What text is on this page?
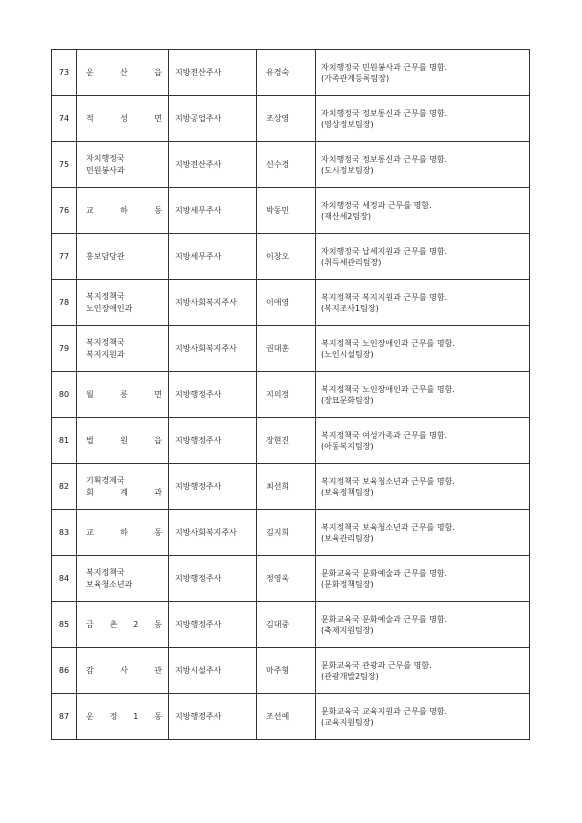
73	운 산 읍	지방전산주사	유경숙	자치행정국 민원봉사과 근무를 명함.
(가족관계등록팀장)

74	적 성 면	지방공업주사	조상영	자치행정국 정보통신과 근무를 명함.
(영상정보팀장)

75	자치행정국
민원봉사과	지방전산주사	신수경	자치행정국 정보통신과 근무를 명함.
(도시정보팀장)

76	교 하 동	지방세무주사	박동민	자치행정국 세정과 근무를 명함.
(재산세2팀장)

77	홍보담당관	지방세무주사	이창오	자치행정국 납세지원과 근무를 명함.
(취득세관리팀장)

78	복지정책국
노인장애인과	지방사회복지주사	이애영	복지정책국 복지지원과 근무를 명함.
(복지조사1팀장)

79	복지정책국
복지지원과	지방사회복지주사	권대훈	복지정책국 노인장애인과 근무를 명함.
(노인시설팀장)

80	월 롱 면	지방행정주사	지의정	복지정책국 노인장애인과 근무를 명함.
(장묘문화팀장)

81	법 원 읍	지방행정주사	장현진	복지정책국 여성가족과 근무를 명함.
(아동복지팀장)

82	기획경제국
회 계 과	지방행정주사	최선희	복지정책국 보육청소년과 근무를 명함.
(보육정책팀장)

83	교 하 동	지방사회복지주사	김지희	복지정책국 보육청소년과 근무를 명함.
(보육관리팀장)

84	복지정책국
보육청소년과	지방행정주사	정영욱	문화교육국 문화예술과 근무를 명함.
(문화정책팀장)

85	금 촌 2 동	지방행정주사	김대중	문화교육국 문화예술과 근무를 명함.
(축제지원팀장)

86	감 사 관	지방시설주사	마주형	문화교육국 관광과 근무를 명함.
(관광개발2팀장)

87	운 정 1 동	지방행정주사	조선예	문화교육국 교육지원과 근무를 명함.
(교육지원팀장)
